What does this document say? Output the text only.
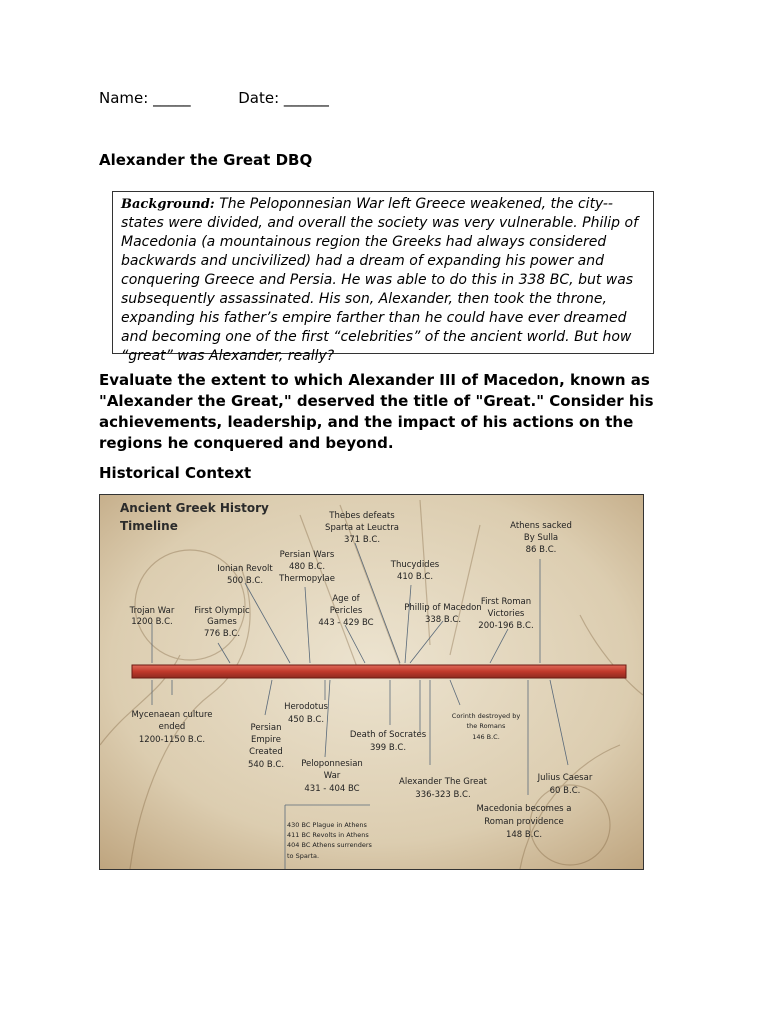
Name: _____          Date: ______
Alexander the Great DBQ
Background: The Peloponnesian War left Greece weakened, the city--states were divided, and overall the society was very vulnerable. Philip of Macedonia (a mountainous region the Greeks had always considered backwards and uncivilized) had a dream of expanding his power and conquering Greece and Persia. He was able to do this in 338 BC, but was subsequently assassinated. His son, Alexander, then took the throne, expanding his father’s empire farther than he could have ever dreamed and becoming one of the first “celebrities” of the ancient world. But how “great” was Alexander, really?
Evaluate the extent to which Alexander III of Macedon, known as "Alexander the Great," deserved the title of "Great." Consider his achievements, leadership, and the impact of his actions on the regions he conquered and beyond.
Historical Context
Ancient Greek History
Timeline
Trojan War
1200 B.C.
First Olympic
Games
776 B.C.
Ionian Revolt
500 B.C.
Persian Wars
480 B.C.
Thermopylae
Thebes defeats
Sparta at Leuctra
371 B.C.
Age of
Pericles
443 - 429 BC
Thucydides
410 B.C.
Phillip of Macedon
338 B.C.
Athens sacked
By Sulla
86 B.C.
First Roman
Victories
200-196 B.C.
Mycenaean culture
ended
1200-1150 B.C.
Persian
Empire
Created
540 B.C.
Herodotus
450 B.C.
Peloponnesian
War
431 - 404 BC
Death of Socrates
399 B.C.
Alexander The Great
336-323 B.C.
Corinth destroyed by
the Romans
146 B.C.
Macedonia becomes a
Roman providence
148 B.C.
Julius Caesar
60 B.C.
430 BC Plague in Athens
411 BC Revolts in Athens
404 BC Athens surrenders
to Sparta.
